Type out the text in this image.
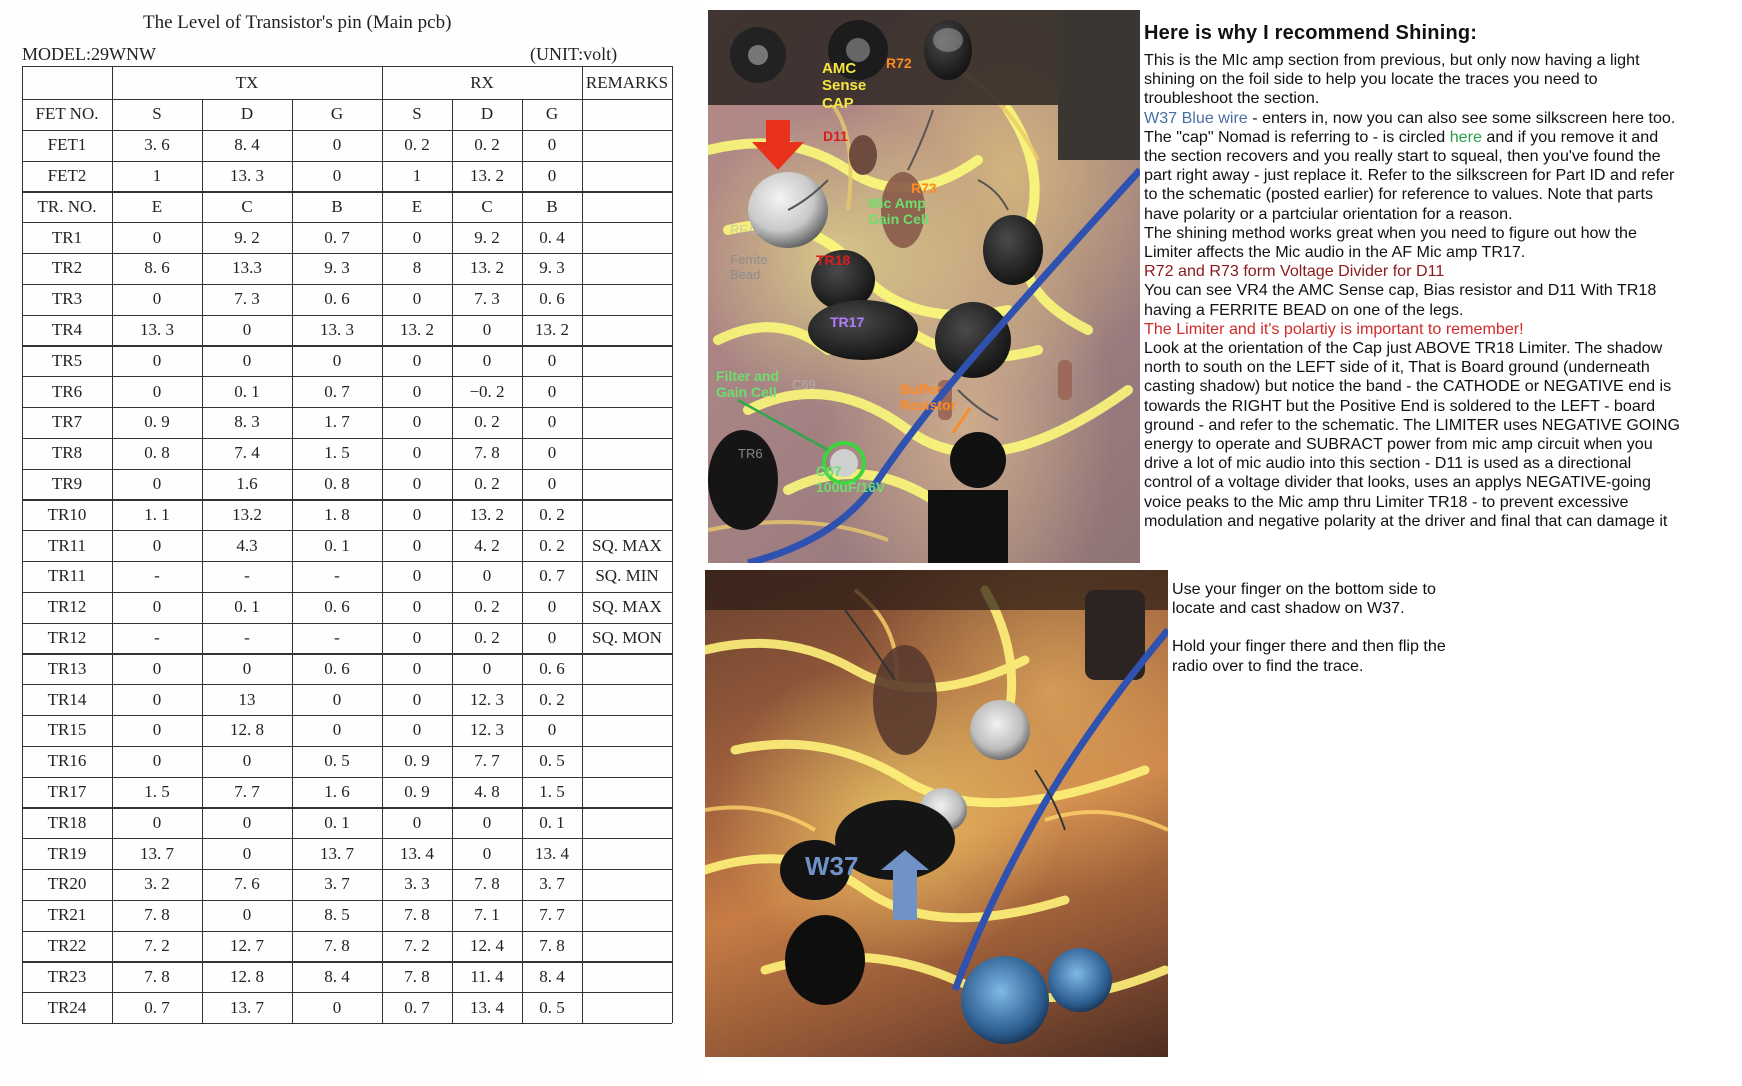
The Level of Transistor's pin (Main pcb)
MODEL:29WNW	(UNIT:volt)
TX	RX	REMARKS
FET NO.	S	D	G	S	D	G
FET1	3. 6	8. 4	0	0. 2	0. 2	0
FET2	1	13. 3	0	1	13. 2	0
TR. NO.	E	C	B	E	C	B
TR1	0	9. 2	0. 7	0	9. 2	0. 4
TR2	8. 6	13.3	9. 3	8	13. 2	9. 3
TR3	0	7. 3	0. 6	0	7. 3	0. 6
TR4	13. 3	0	13. 3	13. 2	0	13. 2
TR5	0	0	0	0	0	0
TR6	0	0. 1	0. 7	0	−0. 2	0
TR7	0. 9	8. 3	1. 7	0	0. 2	0
TR8	0. 8	7. 4	1. 5	0	7. 8	0
TR9	0	1.6	0. 8	0	0. 2	0
TR10	1. 1	13.2	1. 8	0	13. 2	0. 2
TR11	0	4.3	0. 1	0	4. 2	0. 2	SQ. MAX
TR11	-	-	-	0	0	0. 7	SQ. MIN
TR12	0	0. 1	0. 6	0	0. 2	0	SQ. MAX
TR12	-	-	-	0	0. 2	0	SQ. MON
TR13	0	0	0. 6	0	0	0. 6
TR14	0	13	0	0	12. 3	0. 2
TR15	0	12. 8	0	0	12. 3	0
TR16	0	0	0. 5	0. 9	7. 7	0. 5
TR17	1. 5	7. 7	1. 6	0. 9	4. 8	1. 5
TR18	0	0	0. 1	0	0	0. 1
TR19	13. 7	0	13. 7	13. 4	0	13. 4
TR20	3. 2	7. 6	3. 7	3. 3	7. 8	3. 7
TR21	7. 8	0	8. 5	7. 8	7. 1	7. 7
TR22	7. 2	12. 7	7. 8	7. 2	12. 4	7. 8
TR23	7. 8	12. 8	8. 4	7. 8	11. 4	8. 4
TR24	0. 7	13. 7	0	0. 7	13. 4	0. 5
AMC
Sense
CAP
R72
D11
R73
Mic Amp
Gain Cell
Ferrite
Bead
TR18
TR17
Filter and
Gain Cell	Buffer
Resistor
C67
100uF/16V
RF.G
C69
TR6
W37
Here is why I recommend Shining:

This is the MIc amp section from previous, but only now having a light

shining on the foil side to help you locate the traces you need to

troubleshoot the section.

W37 Blue wire - enters in, now you can also see some silkscreen here too.

The "cap" Nomad is referring to - is circled here and if you remove it and

the section recovers and you really start to squeal, then you've found the

part right away - just replace it. Refer to the silkscreen for Part ID and refer

to the schematic (posted earlier) for reference to values. Note that parts

have polarity or a partciular orientation for a reason.

The shining method works great when you need to figure out how the

Limiter affects the Mic audio in the AF Mic amp TR17.

R72 and R73 form Voltage Divider for D11

You can see VR4 the AMC Sense cap, Bias resistor and D11 With TR18

having a FERRITE BEAD on one of the legs.

The Limiter and it's polartiy is important to remember!

Look at the orientation of the Cap just ABOVE TR18 Limiter. The shadow

north to south on the LEFT side of it, That is Board ground (underneath

casting shadow) but notice the band - the CATHODE or NEGATIVE end is

towards the RIGHT but the Positive End is soldered to the LEFT - board

ground - and refer to the schematic. The LIMITER uses NEGATIVE GOING

energy to operate and SUBRACT power from mic amp circuit when you

drive a lot of mic audio into this section - D11 is used as a directional

control of a voltage divider that looks, uses an applys NEGATIVE-going

voice peaks to the Mic amp thru Limiter TR18 - to prevent excessive

modulation and negative polarity at the driver and final that can damage it

Use your finger on the bottom side to

locate and cast shadow on W37.

Hold your finger there and then flip the

radio over to find the trace.
